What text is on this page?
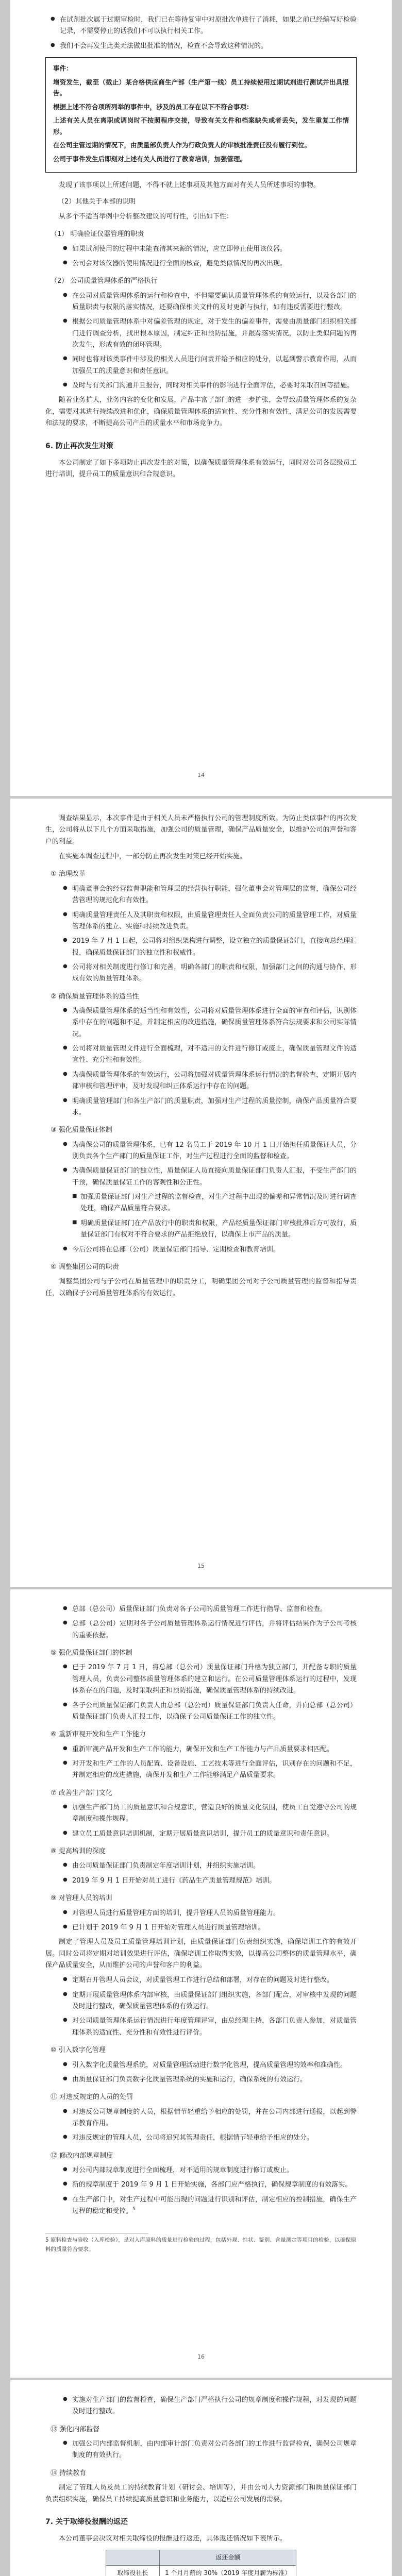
● 在试剂批次属于过期审检时，我们已在等待复审中对原批次单进行了消耗，如果之前已经编写好检验记录，不需要停止的话我们不可以执行相关工作。
● 我们不会再发生此类无法做出批准的情况，检查不会导致这种情况的。

事件：

增资发生，截至（截止）某合格供应商生产部（生产第一线）员工持续使用过期试剂进行测试并出具报告。

根据上述不符合项所列举的事件中，涉及的员工存在以下不符合事项：

上述有关人员在离职或调岗时不按照程序交接，导致有关文件和档案缺失或者丢失，发生重复工作情形。

在公司主管过期的情况下，由质量部负责人作为行政负责人的审核批准责任没有履行到位。

公司于事件发生后即刻对上述有关人员进行了教育培训，加强管理。

发现了该事项以上所述问题，不得不就上述事项及其他方面对有关人员所述事项的事物。

（2）其他关于本部的说明

从多个不适当举例中分析整改建议的可行性，引出如下性：

（1） 明确验证仪器管理的职责
● 如果试剂使用的过程中未能查清其来源的情况，应立即停止使用该仪器。
● 公司会对该仪器的使用情况进行全面的核查，避免类似情况的再次出现。
（2） 公司质量管理体系的严格执行
● 在公司对质量管理体系的运行和检查中，不但需要确认质量管理体系的有效运行，以及各部门的质量职责与权限的落实情况，还要确保相关文件的及时更新与执行，如有违反需要进行整改。
● 根据公司质量管理体系中对偏差管理的规定，对于发生的偏差事件，需要由质量部门组织相关部门进行调查分析，找出根本原因，制定纠正和预防措施，并跟踪落实情况，以防止类似问题的再次发生，形成有效的闭环管理。
● 同时也将对该类事件中涉及的相关人员进行问责并给予相应的处分，以起到警示教育作用，从而加强员工的质量意识和责任意识。
● 及时与有关部门沟通并且报告，同时对相关事件的影响进行全面评估，必要时采取召回等措施。

随着业务扩大，业务内容的变化和发展，产品丰富了部门的进一步扩张，会导致质量管理体系的复杂化，需要对其进行持续改进和优化，确保质量管理体系的适宜性、充分性和有效性，满足公司的发展需要和法规的要求，不断提高公司产品的质量水平和市场竞争力。

6. 防止再次发生对策

本公司制定了如下多项防止再次发生的对策，以确保质量管理体系有效运行，同时对公司各层级员工进行培训，提升员工的质量意识和合规意识。

14

调查结果显示，本次事件是由于相关人员未严格执行公司的管理制度所致。为防止类似事件的再次发生，公司将从以下几个方面采取措施，加强公司的质量管理，确保产品质量安全，以维护公司的声誉和客户的利益。

在实施本调查过程中，一部分防止再次发生对策已经开始实施。

① 治理改革
● 明确董事会的经营监督职能和管理层的经营执行职能，强化董事会对管理层的监督，确保公司经营管理的规范化和有效性。
● 明确质量管理责任人及其职责和权限，由质量管理责任人全面负责公司的质量管理工作，对质量管理体系的建立、实施和持续改进负责。
● 2019 年 7 月 1 日起，公司将对组织架构进行调整，设立独立的质量保证部门，直接向总经理汇报，确保质量保证部门的独立性和权威性。
● 公司将对相关制度进行修订和完善，明确各部门的职责和权限，加强部门之间的沟通与协作，形成有效的质量管理体系。
② 确保质量管理体系的适当性
● 为确保质量管理体系的适当性和有效性，公司将对质量管理体系进行全面的审查和评估，识别体系中存在的问题和不足，并制定相应的改进措施，确保质量管理体系符合法规要求和公司实际情况。
● 公司将对质量管理文件进行全面梳理，对不适用的文件进行修订或废止，确保质量管理文件的适宜性、充分性和有效性。
● 为确保质量管理体系的有效运行，公司将加强对质量管理体系运行情况的监督检查，定期开展内部审核和管理评审，及时发现和纠正体系运行中存在的问题。
● 明确质量管理部门和各生产部门的质量职责，加强对生产过程的质量控制，确保产品质量符合要求。
③ 强化质量保证体制
● 为确保公司的质量管理体系，已有 12 名员工于 2019 年 10 月 1 日开始担任质量保证人员，分别负责各个生产部门的质量保证工作，对生产过程进行全面的监督和检查。
● 为确保质量保证部门的独立性，质量保证人员直接向质量保证部门负责人汇报，不受生产部门的干预，确保质量保证工作的客观性和公正性。
■ 加强质量保证部门对生产过程的监督检查，对生产过程中出现的偏差和异常情况及时进行调查处理，确保产品质量符合要求。
■ 明确质量保证部门在产品放行中的职责和权限，产品经质量保证部门审核批准后方可放行，质量保证部门有权对不符合要求的产品拒绝放行，以确保上市产品的质量。
● 今后公司将在总部（公司）质量保证部门指导、定期检查和教育培训。
④ 调整集团公司的职责

调整集团公司与子公司在质量管理中的职责分工，明确集团公司对子公司质量管理的监督和指导责任，以确保子公司质量管理体系的有效运行。

15
● 总部（总公司）质量保证部门负责对各子公司的质量管理工作进行指导、监督和检查。
● 总部（总公司）定期对各子公司质量管理体系运行情况进行评估，并将评估结果作为子公司考核的重要依据。
⑤ 强化质量保证部门的体制
● 已于 2019 年 7 月 1 日，将总部（总公司）质量保证部门升格为独立部门，并配备专职的质量管理人员，负责公司整体质量管理体系的建立和运行。在公司质量管理体系运行的过程中，发现体系存在的问题，及时采取纠正和预防措施，确保质量管理体系的持续改进。
● 各子公司质量保证部门负责人由总部（总公司）质量保证部门负责人任命，并向总部（总公司）质量保证部门负责人汇报工作，以确保子公司质量保证工作的独立性。
⑥ 重新审视开发和生产工作能力
● 重新审视产品开发和生产工作的能力，确保开发和生产工作能力与产品质量要求相匹配。
● 对开发和生产工作的人员配置、设备设施、工艺技术等进行全面评估，识别存在的问题和不足，并制定相应的改进措施，确保开发和生产工作能够满足产品质量要求。
⑦ 改善生产部门文化
● 加强生产部门员工的质量意识和合规意识，营造良好的质量文化氛围，使员工自觉遵守公司的规章制度和操作规程。
● 建立员工质量意识培训机制，定期开展质量意识培训，提升员工的质量意识和责任意识。
⑧ 提高培训的深度
● 由公司质量保证部门负责制定年度培训计划，并组织实施培训。
● 2019 年 9 月 1 日开始对员工进行《药品生产质量管理规范》培训。
⑨ 对管理人员的培训
● 对管理人员进行质量管理方面的培训，提升管理人员的质量管理能力。
● 已计划于 2019 年 9 月 1 日开始对管理人员进行质量管理培训。

制定了管理人员及员工质量管理培训计划，由质量保证部门负责组织实施，确保培训工作的有效开展。同时公司将定期对培训效果进行评估，确保培训工作取得实效，以提高公司整体的质量管理水平，确保产品质量安全，从而维护公司的声誉和客户的利益。

● 定期召开管理人员会议，对质量管理工作进行总结和部署，对存在的问题及时进行整改。
● 定期开展质量管理体系内部审核，由质量保证部门组织实施，各部门配合，对审核中发现的问题及时进行整改，确保质量管理体系的有效运行。
● 对公司质量管理体系运行情况进行年度管理评审，由总经理主持，各部门负责人参加，对质量管理体系的适宜性、充分性和有效性进行评价。
⑩ 引入数字化管理
● 引入数字化质量管理系统，对质量管理活动进行数字化管理，提高质量管理的效率和准确性。
● 由质量保证部门负责数字化质量管理系统的实施和运行，确保系统的有效运行。
⑪ 对违反规定的人员的处罚
● 对违反公司规章制度的人员，根据情节轻重给予相应的处罚，并在公司内部进行通报，以起到警示教育作用。
● 对违反规定的管理人员，公司将追究其管理责任，根据情节轻重给予相应的处分。
⑫ 修改内部规章制度
● 对公司内部规章制度进行全面梳理，对不适用的规章制度进行修订或废止。
● 新的规章制度于 2019 年 9 月 1 日开始实施，各部门应严格执行，确保规章制度的有效落实。
● 在生产部门中，对生产过程中可能出现的问题进行识别和评估，制定相应的控制措施，确保生产过程的稳定和受控。$^5$
5 原料检查与验收（入库检验），是对入库原料的质量进行检验的过程，包括外观、性状、鉴别、含量测定等项目的检验，以确保原料的质量符合要求。
16
● 实施对生产部门的监督检查，确保生产部门严格执行公司的规章制度和操作规程，对发现的问题及时进行整改。
⑬ 强化内部监督
● 加强公司内部监督机制，由内部审计部门负责对公司各部门的工作进行监督检查，确保公司规章制度的有效执行。
⑭ 持续教育

制定了管理人员及员工的持续教育计划（研讨会、培训等），并由公司人力资源部门和质量保证部门负责组织实施，确保员工持续提高质量意识和业务能力，以适应公司发展的需要。

7. 关于取缔役报酬的返还

本公司董事会决议对相关取缔役的报酬进行返还，具体返还情况如下表所示。

	返还金额
取缔役社长	1 个月月薪的 30%（2019 年度月薪为标准）
